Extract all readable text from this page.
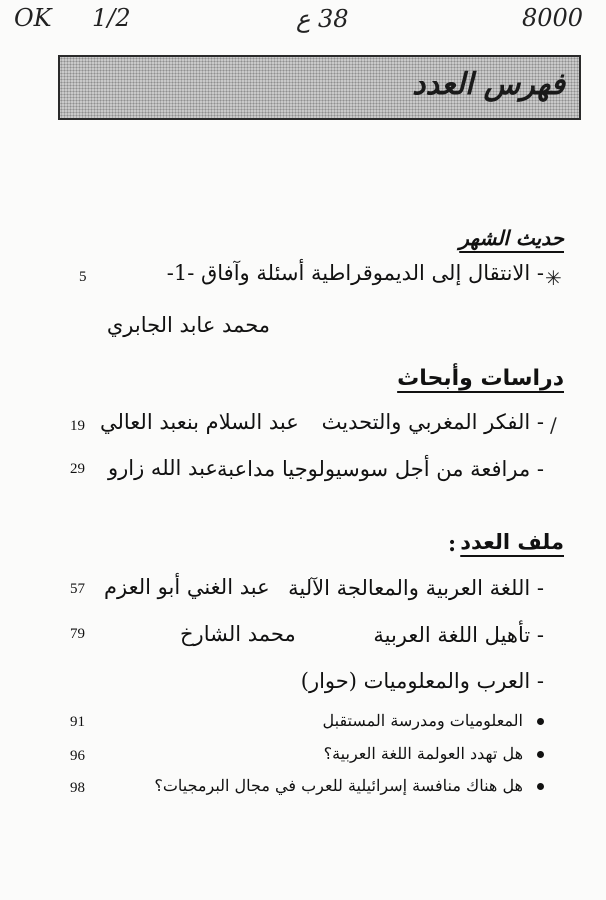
OK 1/2	38 ع	8000
فهرس العدد
حديث الشهر
✳
- الانتقال إلى الديموقراطية أسئلة وآفاق -1-
5
محمد عابد الجابري
دراسات وأبحاث
∕
- الفكر المغربي والتحديث
عبد السلام بنعبد العالي
19
- مرافعة من أجل سوسيولوجيا مداعبة
عبد الله زارو
29
ملف العدد
:
- اللغة العربية والمعالجة الآلية
عبد الغني أبو العزم
57
- تأهيل اللغة العربية
محمد الشارخ
79
- العرب والمعلوميات (حوار)
المعلوميات ومدرسة المستقبل
91
هل تهدد العولمة اللغة العربية؟
96
هل هناك منافسة إسرائيلية للعرب في مجال البرمجيات؟
98
